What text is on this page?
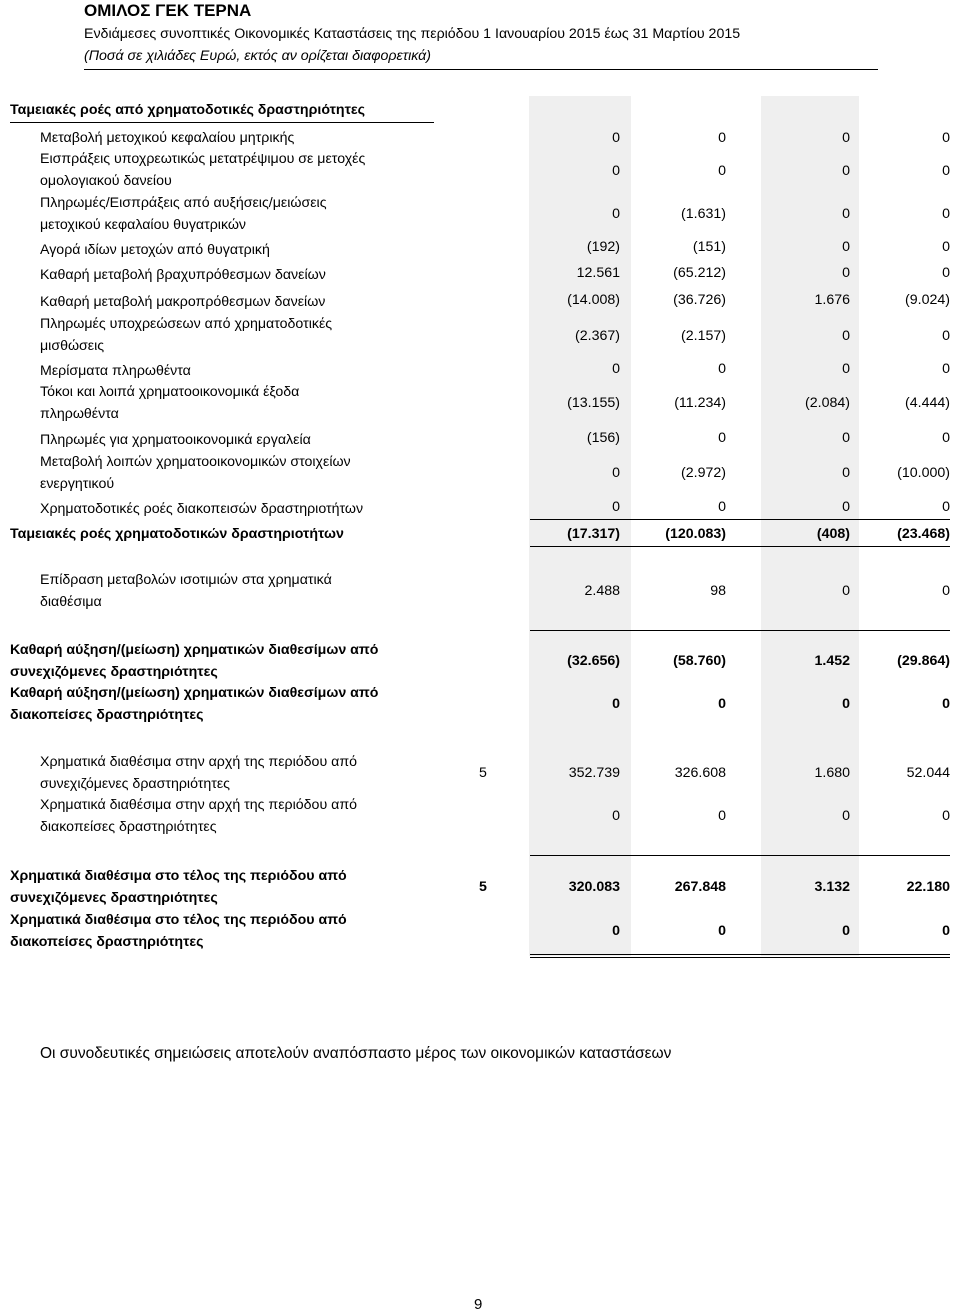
ΟΜΙΛΟΣ ΓΕΚ ΤΕΡΝΑ
Ενδιάμεσες συνοπτικές Οικονομικές Καταστάσεις της περιόδου 1 Ιανουαρίου 2015 έως 31 Μαρτίου 2015
(Ποσά σε χιλιάδες Ευρώ, εκτός αν ορίζεται διαφορετικά)
Ταμειακές ροές από χρηματοδοτικές δραστηριότητες
Μεταβολή μετοχικού κεφαλαίου μητρικής	0	0	0	0
Εισπράξεις υποχρεωτικώς μετατρέψιμου σε μετοχές ομολογιακού δανείου
0	0	0	0
Πληρωμές/Εισπράξεις από αυξήσεις/μειώσεις μετοχικού κεφαλαίου θυγατρικών
0	(1.631)	0	0
Αγορά ιδίων μετοχών από θυγατρική	(192)	(151)	0	0
Καθαρή μεταβολή βραχυπρόθεσμων δανείων	12.561	(65.212)	0	0
Καθαρή μεταβολή μακροπρόθεσμων δανείων	(14.008)	(36.726)	1.676	(9.024)
Πληρωμές υποχρεώσεων από χρηματοδοτικές μισθώσεις
(2.367)	(2.157)	0	0
Μερίσματα πληρωθέντα	0	0	0	0
Τόκοι και λοιπά χρηματοοικονομικά έξοδα πληρωθέντα
(13.155)	(11.234)	(2.084)	(4.444)
Πληρωμές για χρηματοοικονομικά εργαλεία	(156)	0	0	0
Μεταβολή λοιπών χρηματοοικονομικών στοιχείων ενεργητικού
0	(2.972)	0	(10.000)
Χρηματοδοτικές ροές διακοπεισών δραστηριοτήτων	0	0	0	0
Ταμειακές ροές χρηματοδοτικών δραστηριοτήτων	(17.317)	(120.083)	(408)	(23.468)
Επίδραση μεταβολών ισοτιμιών στα χρηματικά διαθέσιμα
2.488	98	0	0
Καθαρή αύξηση/(μείωση) χρηματικών διαθεσίμων από συνεχιζόμενες δραστηριότητες
(32.656)	(58.760)	1.452	(29.864)
Καθαρή αύξηση/(μείωση) χρηματικών διαθεσίμων από διακοπείσες δραστηριότητες
0	0	0	0
Χρηματικά διαθέσιμα στην αρχή της περιόδου από συνεχιζόμενες δραστηριότητες
5	352.739	326.608	1.680	52.044
Χρηματικά διαθέσιμα στην αρχή της περιόδου από διακοπείσες δραστηριότητες
0	0	0	0
Χρηματικά διαθέσιμα στο τέλος της περιόδου από συνεχιζόμενες δραστηριότητες
5	320.083	267.848	3.132	22.180
Χρηματικά διαθέσιμα στο τέλος της περιόδου από διακοπείσες δραστηριότητες
0	0	0	0
Οι συνοδευτικές σημειώσεις αποτελούν αναπόσπαστο μέρος των οικονομικών καταστάσεων
9
